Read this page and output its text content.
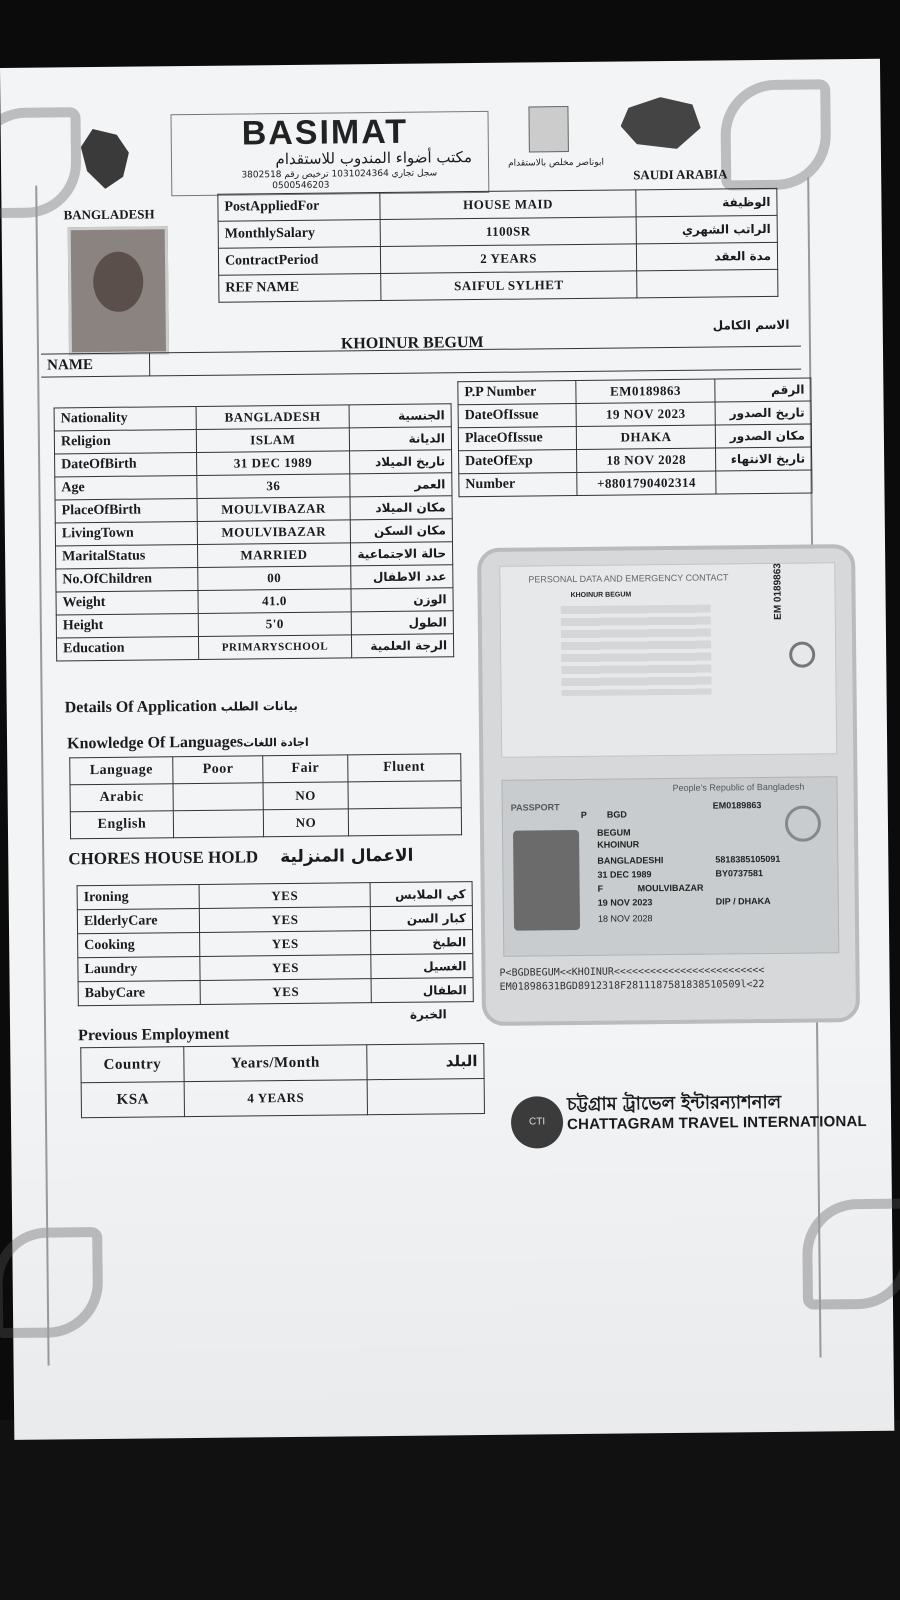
BANGLADESH
BASIMAT
مكتب أضواء المندوب للاستقدام
سجل تجاري 1031024364 ترخيص رقم 3802518
0500546203
ابوناصر مخلص بالاستقدام
SAUDI ARABIA
PostAppliedFor	HOUSE MAID	الوظيفة
MonthlySalary	1100SR	الراتب الشهري
ContractPeriod	2 YEARS	مدة العقد
REF NAME	SAIFUL SYLHET	
الاسم الكامل
NAME
KHOINUR BEGUM
Nationality	BANGLADESH	الجنسية
Religion	ISLAM	الديانة
DateOfBirth	31 DEC 1989	تاريخ الميلاد
Age	36	العمر
PlaceOfBirth	MOULVIBAZAR	مكان الميلاد
LivingTown	MOULVIBAZAR	مكان السكن
MaritalStatus	MARRIED	حالة الاجتماعية
No.OfChildren	00	عدد الاطفال
Weight	41.0	الوزن
Height	5'0	الطول
Education	PRIMARYSCHOOL	الرجة العلمية
P.P Number	EM0189863	الرقم
DateOfIssue	19 NOV 2023	تاريخ الصدور
PlaceOfIssue	DHAKA	مكان الصدور
DateOfExp	18 NOV 2028	تاريخ الانتهاء
Number	+8801790402314	
Details Of Application بيانات الطلب
Knowledge Of Languagesاجادة اللغات
Language	Poor	Fair	Fluent
Arabic		NO	
English		NO	
CHORES HOUSE HOLD الاعمال المنزلية
Ironing	YES	كي الملابس
ElderlyCare	YES	كبار السن
Cooking	YES	الطبخ
Laundry	YES	الغسيل
BabyCare	YES	الطفال
الخبرة
Previous Employment
Country	Years/Month	البلد
KSA	4 YEARS	
PERSONAL DATA AND EMERGENCY CONTACT
KHOINUR BEGUM	EM 0189863
People's Republic of Bangladesh
PASSPORT
P BGD
EM0189863
BEGUM
KHOINUR
BANGLADESHI	5818385105091
31 DEC 1989	BY0737581
F	MOULVIBAZAR
19 NOV 2023	DIP / DHAKA
18 NOV 2028
P<BGDBEGUM<<KHOINUR<<<<<<<<<<<<<<<<<<<<<<<<<
EM01898631BGD8912318F2811187581838510509l<22
CTI
চট্টগ্রাম ট্রাভেল ইন্টারন্যাশনাল
CHATTAGRAM TRAVEL INTERNATIONAL
